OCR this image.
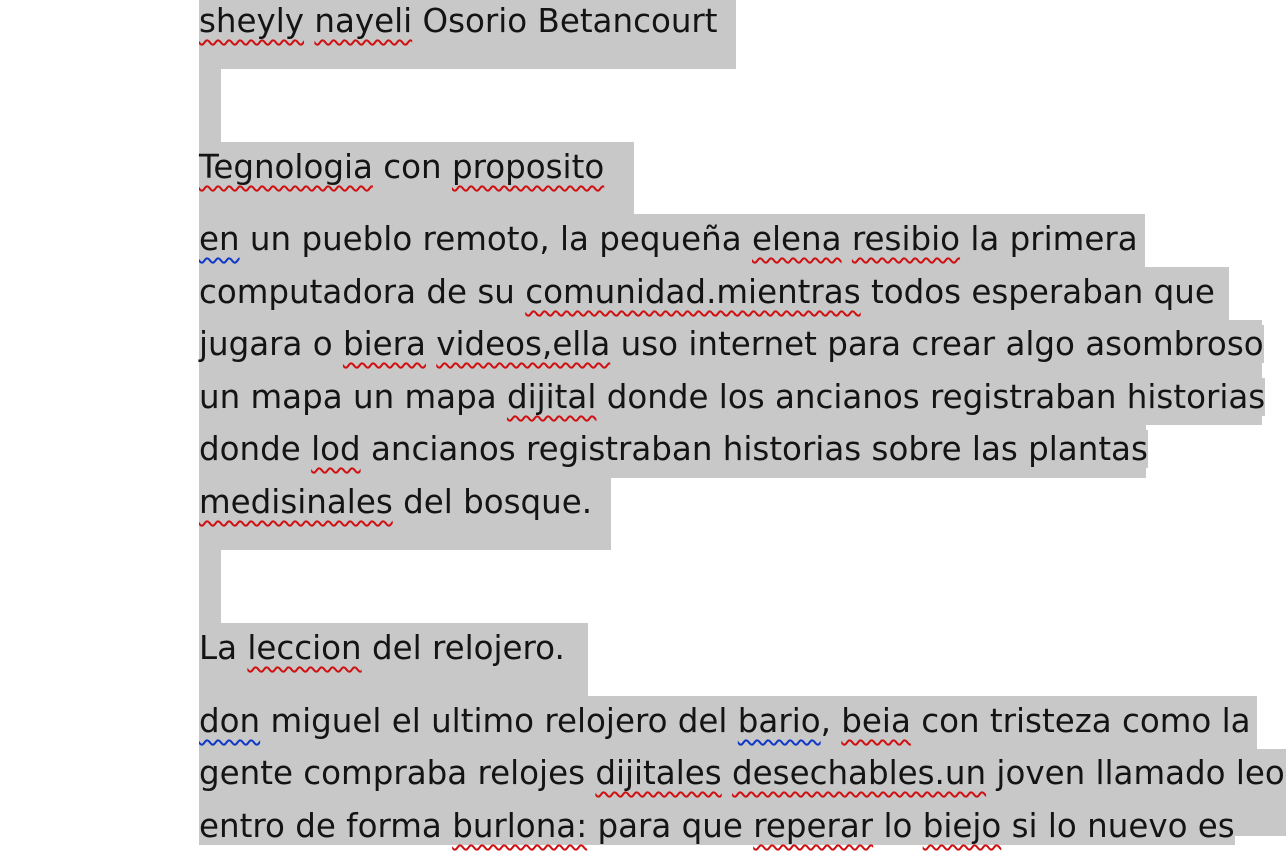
sheyly nayeli Osorio Betancourt
Tegnologia con proposito
en un pueblo remoto, la pequeña elena resibio la primera
computadora de su comunidad.mientras todos esperaban que
jugara o biera videos,ella uso internet para crear algo asombroso
un mapa un mapa dijital donde los ancianos registraban historias
donde lod ancianos registraban historias sobre las plantas
medisinales del bosque.
La leccion del relojero.
don miguel el ultimo relojero del bario, beia con tristeza como la
gente compraba relojes dijitales desechables.un joven llamado leo
entro de forma burlona: para que reperar lo biejo si lo nuevo es
